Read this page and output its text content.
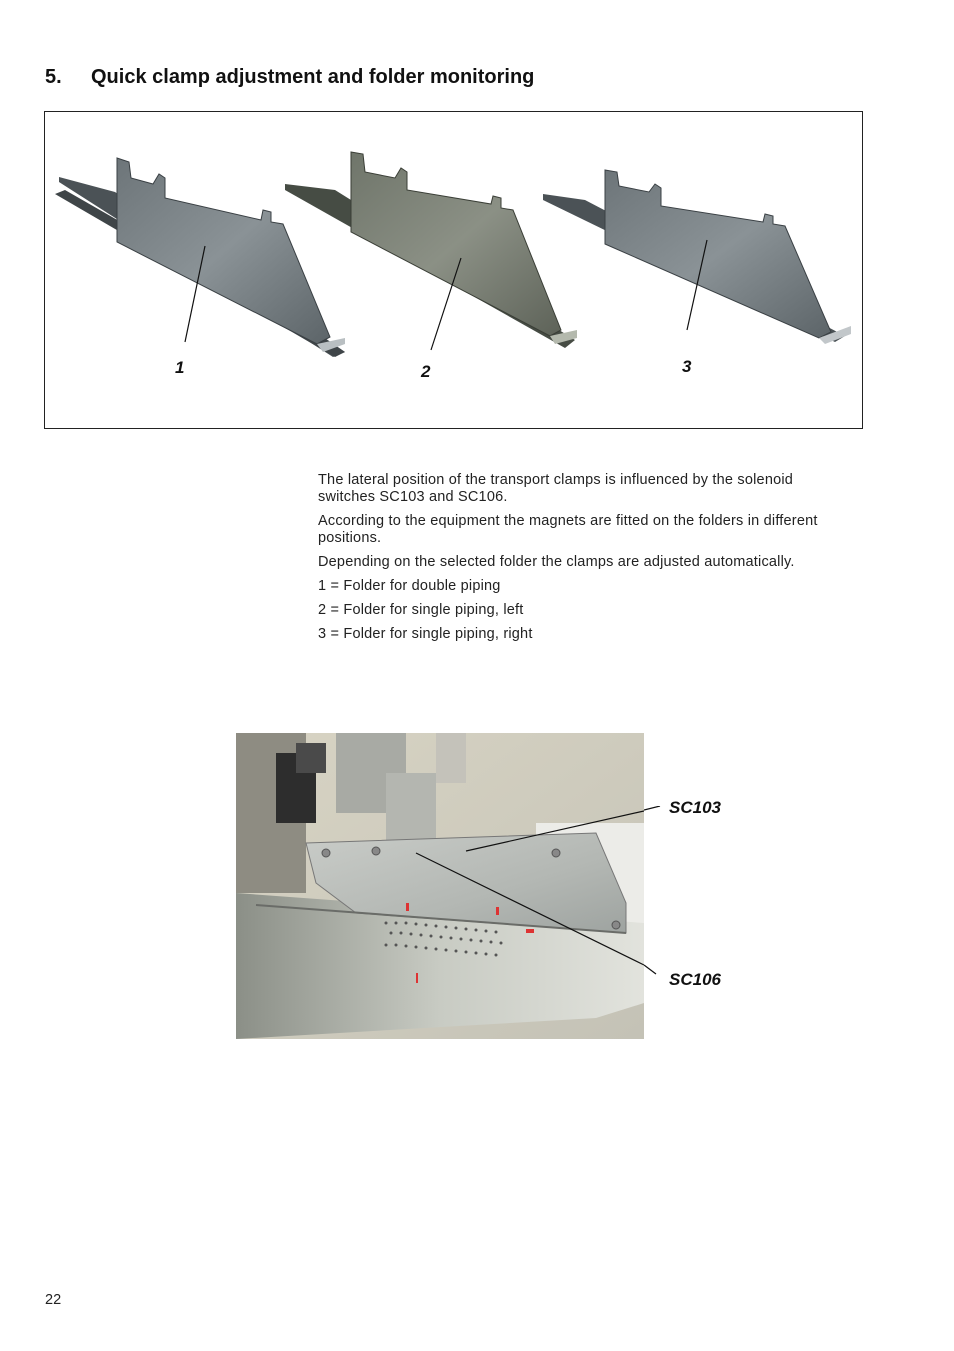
5. Quick clamp adjustment and folder monitoring
1	2	3

The lateral position of the transport clamps is influenced by the solenoid switches SC103 and SC106.

According to the equipment the magnets are fitted on the folders in different positions.

Depending on the selected folder the clamps are adjusted automatically.

1 = Folder for double piping

2 = Folder for single piping, left

3 = Folder for single piping, right

SC103
SC106
22
